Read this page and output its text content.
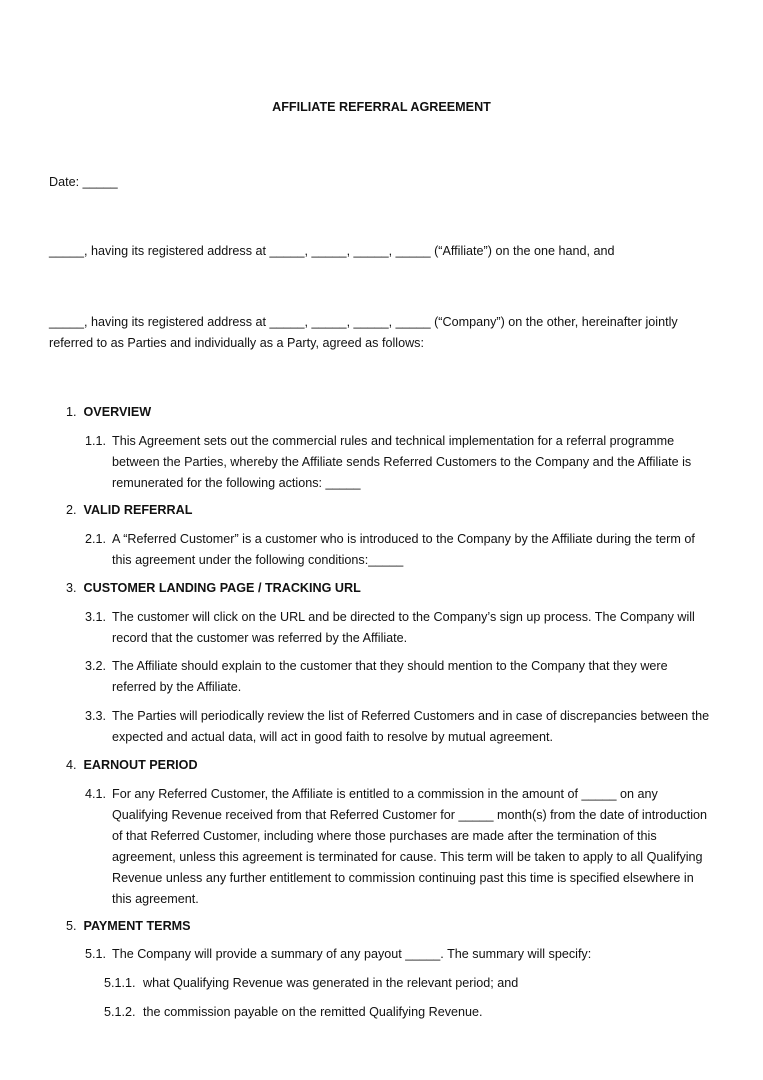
AFFILIATE REFERRAL AGREEMENT

Date: _____

_____, having its registered address at _____, _____, _____, _____ (“Affiliate”) on the one hand, and

_____, having its registered address at _____, _____, _____, _____ (“Company”) on the other, hereinafter jointly referred to as Parties and individually as a Party, agreed as follows:

1. OVERVIEW

1.1. This Agreement sets out the commercial rules and technical implementation for a referral programme between the Parties, whereby the Affiliate sends Referred Customers to the Company and the Affiliate is remunerated for the following actions: _____

2. VALID REFERRAL

2.1. A “Referred Customer” is a customer who is introduced to the Company by the Affiliate during the term of this agreement under the following conditions:_____

3. CUSTOMER LANDING PAGE / TRACKING URL

3.1. The customer will click on the URL and be directed to the Company’s sign up process. The Company will record that the customer was referred by the Affiliate.

3.2. The Affiliate should explain to the customer that they should mention to the Company that they were referred by the Affiliate.

3.3. The Parties will periodically review the list of Referred Customers and in case of discrepancies between the expected and actual data, will act in good faith to resolve by mutual agreement.

4. EARNOUT PERIOD

4.1. For any Referred Customer, the Affiliate is entitled to a commission in the amount of _____ on any Qualifying Revenue received from that Referred Customer for _____ month(s) from the date of introduction of that Referred Customer, including where those purchases are made after the termination of this agreement, unless this agreement is terminated for cause. This term will be taken to apply to all Qualifying Revenue unless any further entitlement to commission continuing past this time is specified elsewhere in this agreement.

5. PAYMENT TERMS

5.1. The Company will provide a summary of any payout _____. The summary will specify:

5.1.1. what Qualifying Revenue was generated in the relevant period; and

5.1.2. the commission payable on the remitted Qualifying Revenue.
